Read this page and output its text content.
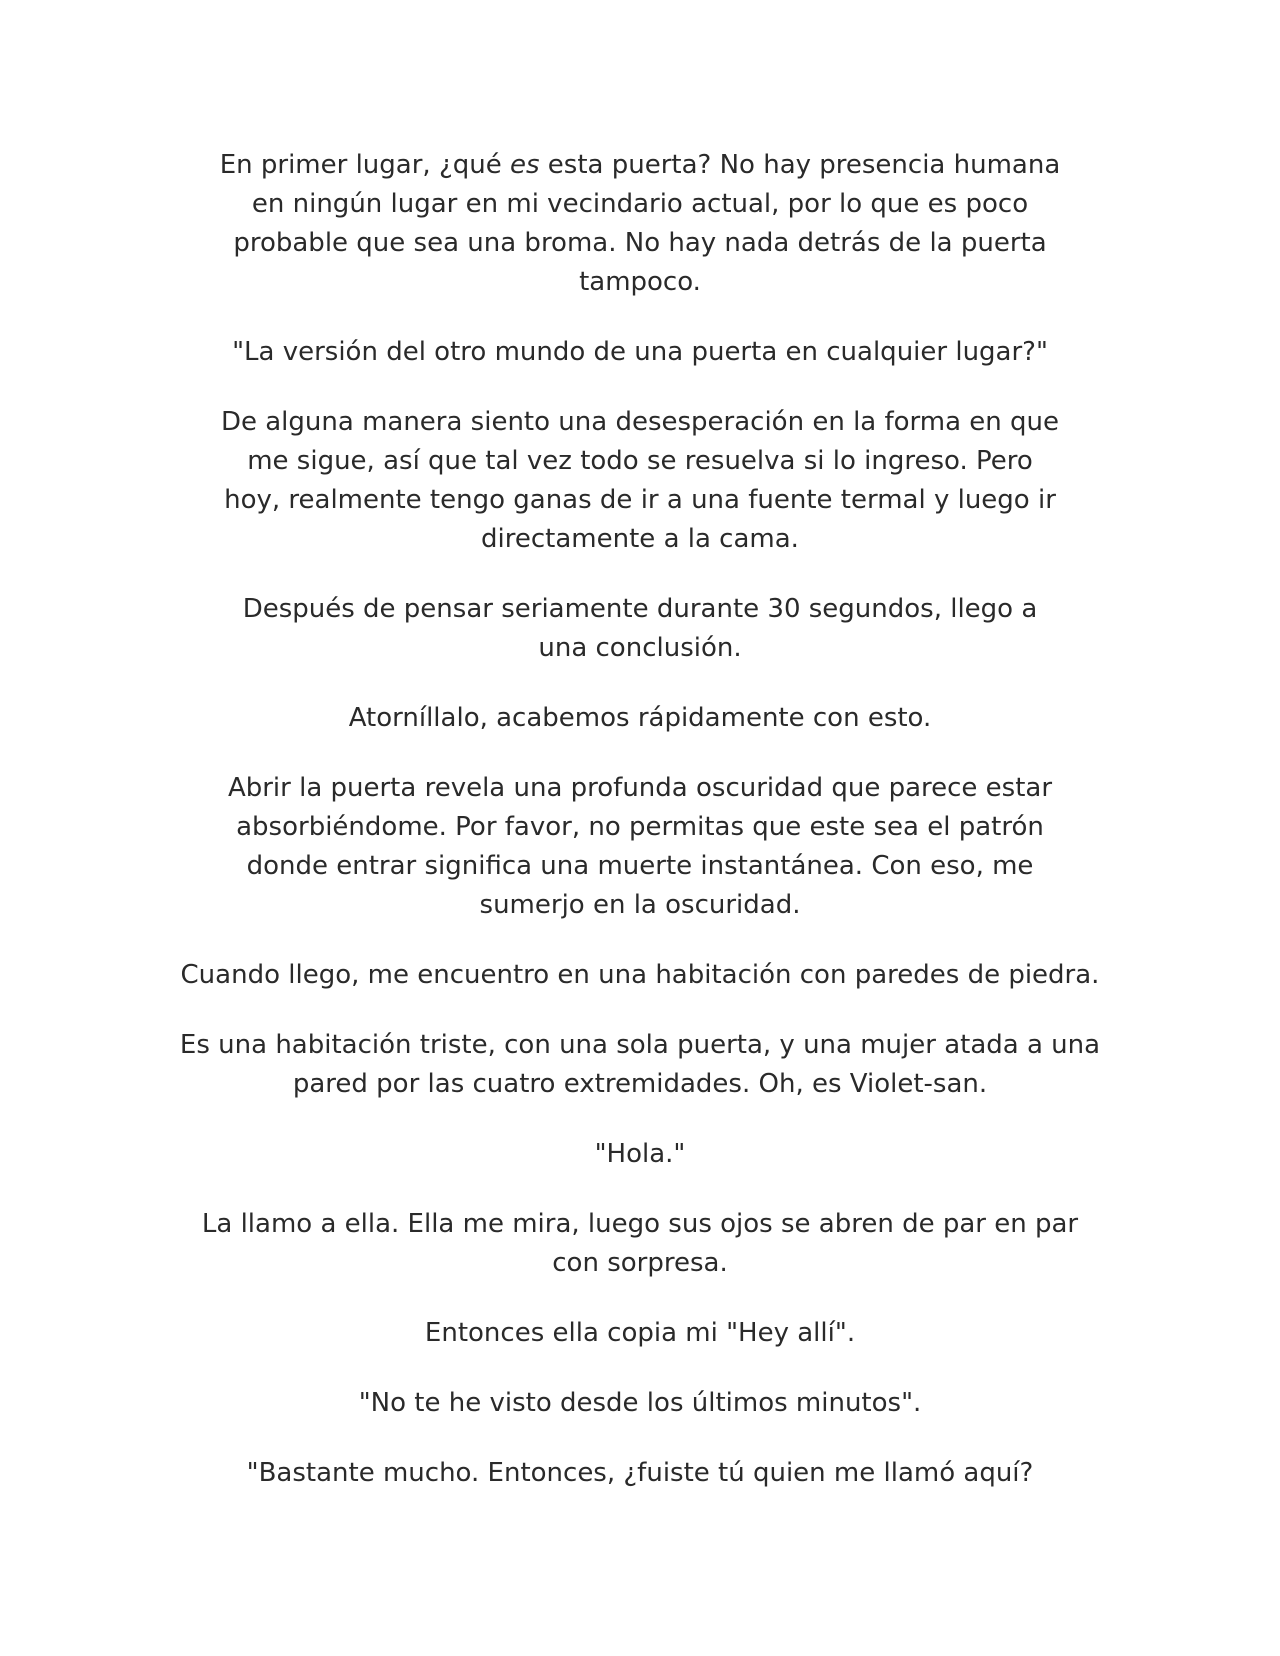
En primer lugar, ¿qué es esta puerta? No hay presencia humana en ningún lugar en mi vecindario actual, por lo que es poco probable que sea una broma. No hay nada detrás de la puerta tampoco.

"La versión del otro mundo de una puerta en cualquier lugar?"

De alguna manera siento una desesperación en la forma en que me sigue, así que tal vez todo se resuelva si lo ingreso. Pero hoy, realmente tengo ganas de ir a una fuente termal y luego ir directamente a la cama.

Después de pensar seriamente durante 30 segundos, llego a una conclusión.

Atorníllalo, acabemos rápidamente con esto.

Abrir la puerta revela una profunda oscuridad que parece estar absorbiéndome. Por favor, no permitas que este sea el patrón donde entrar significa una muerte instantánea. Con eso, me sumerjo en la oscuridad.

Cuando llego, me encuentro en una habitación con paredes de piedra.

Es una habitación triste, con una sola puerta, y una mujer atada a una pared por las cuatro extremidades. Oh, es Violet-san.

"Hola."

La llamo a ella. Ella me mira, luego sus ojos se abren de par en par con sorpresa.

Entonces ella copia mi "Hey allí".

"No te he visto desde los últimos minutos".

"Bastante mucho. Entonces, ¿fuiste tú quien me llamó aquí?
